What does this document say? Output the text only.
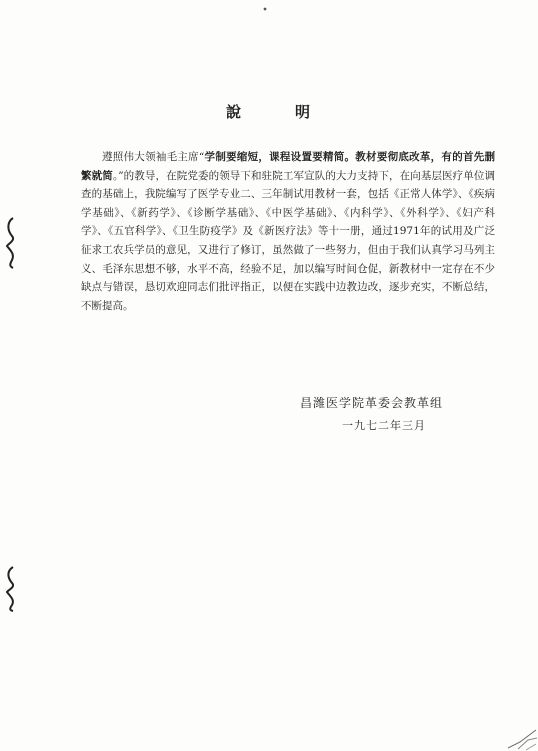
說	明
遵照伟大领袖毛主席“学制要缩短，课程设置要精简。教材要彻底改革，有的首先删繁就简。”的教导，在院党委的领导下和驻院工军宣队的大力支持下，在向基层医疗单位调查的基础上，我院编写了医学专业二、三年制试用教材一套，包括《正常人体学》、《疾病学基础》、《新药学》、《诊断学基础》、《中医学基础》、《内科学》、《外科学》、《妇产科学》、《五官科学》、《卫生防疫学》及《新医疗法》等十一册，通过1971年的试用及广泛征求工农兵学员的意见，又进行了修订，虽然做了一些努力，但由于我们认真学习马列主义、毛泽东思想不够，水平不高，经验不足，加以编写时间仓促，新教材中一定存在不少缺点与错误，恳切欢迎同志们批评指正，以便在实践中边教边改，逐步充实，不断总结，不断提高。
昌潍医学院革委会教革组
一九七二年三月
